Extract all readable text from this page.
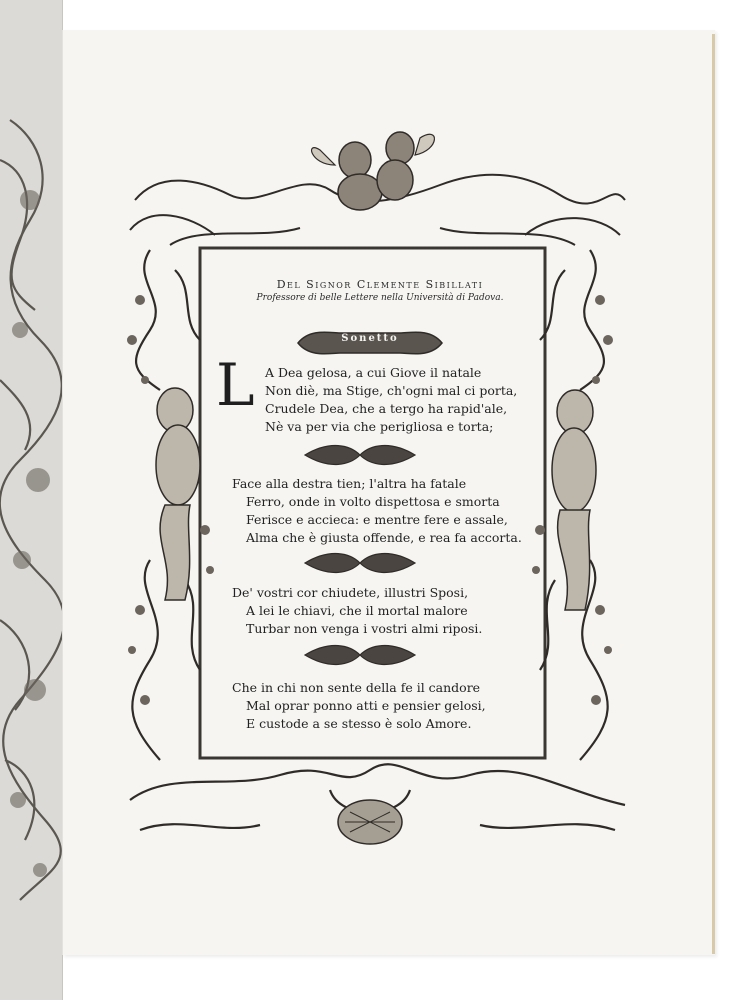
Del Signor Clemente Sibillati
Professore di belle Lettere nella Università di Padova.
Sonetto
L A Dea gelosa, a cui Giove il natale
Non diè, ma Stige, ch'ogni mal ci porta,
Crudele Dea, che a tergo ha rapid'ale,
Nè va per via che perigliosa e torta;
Face alla destra tien; l'altra ha fatale
Ferro, onde in volto dispettosa e smorta
Ferisce e accieca: e mentre fere e assale,
Alma che è giusta offende, e rea fa accorta.
De' vostri cor chiudete, illustri Sposi,
A lei le chiavi, che il mortal malore
Turbar non venga i vostri almi riposi.
Che in chi non sente della fe il candore
Mal oprar ponno atti e pensier gelosi,
E custode a se stesso è solo Amore.
